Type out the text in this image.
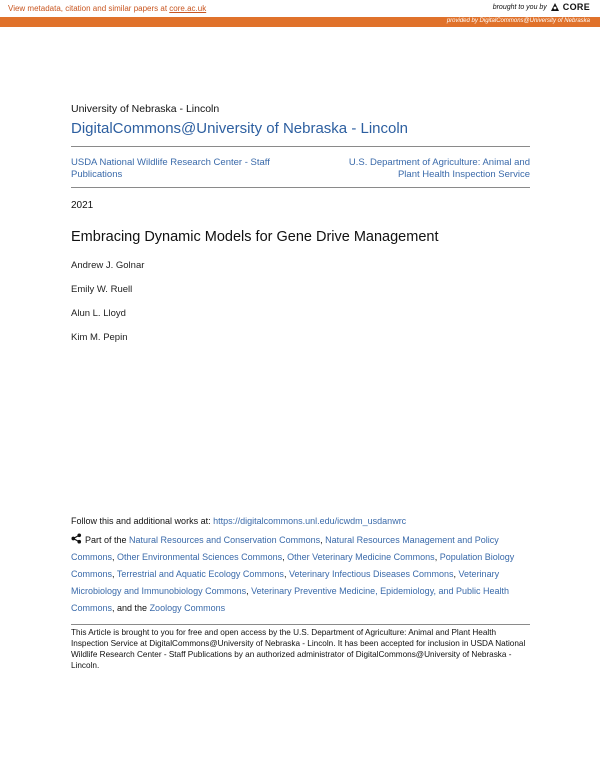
View metadata, citation and similar papers at core.ac.uk	brought to you by CORE
provided by DigitalCommons@University of Nebraska
University of Nebraska - Lincoln
DigitalCommons@University of Nebraska - Lincoln
USDA National Wildlife Research Center - Staff
Publications
U.S. Department of Agriculture: Animal and
Plant Health Inspection Service
2021
Embracing Dynamic Models for Gene Drive Management
Andrew J. Golnar
Emily W. Ruell
Alun L. Lloyd
Kim M. Pepin
Follow this and additional works at: https://digitalcommons.unl.edu/icwdm_usdanwrc
Part of the Natural Resources and Conservation Commons, Natural Resources Management and Policy Commons, Other Environmental Sciences Commons, Other Veterinary Medicine Commons, Population Biology Commons, Terrestrial and Aquatic Ecology Commons, Veterinary Infectious Diseases Commons, Veterinary Microbiology and Immunobiology Commons, Veterinary Preventive Medicine, Epidemiology, and Public Health Commons, and the Zoology Commons
This Article is brought to you for free and open access by the U.S. Department of Agriculture: Animal and Plant Health Inspection Service at DigitalCommons@University of Nebraska - Lincoln. It has been accepted for inclusion in USDA National Wildlife Research Center - Staff Publications by an authorized administrator of DigitalCommons@University of Nebraska - Lincoln.
